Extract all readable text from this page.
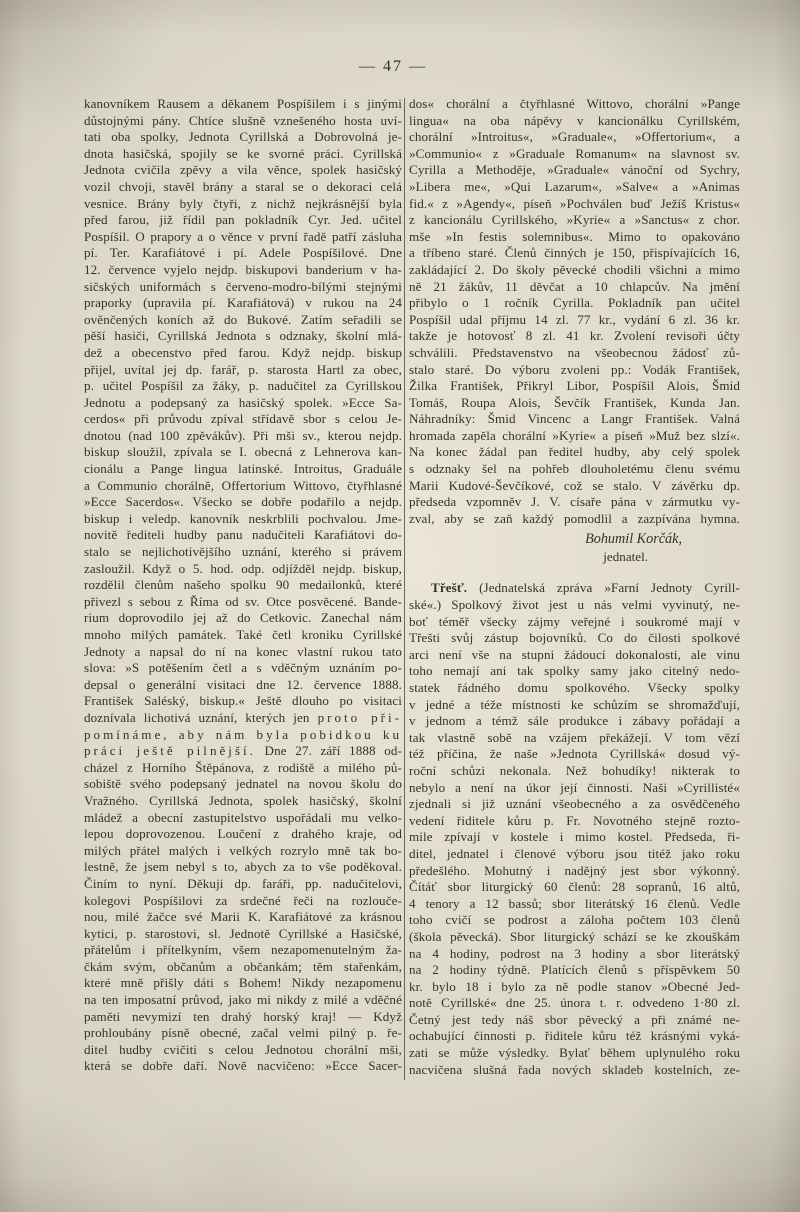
— 47 —
kanovníkem Rausem a děkanem Pospíšilem i s jinými
důstojnými pány. Chtíce slušně vznešeného hosta uví-
tati oba spolky, Jednota Cyrillská a Dobrovolná je-
dnota hasičská, spojily se ke svorné práci. Cyrillská
Jednota cvičila zpěvy a vila věnce, spolek hasičský
vozil chvoji, stavěl brány a staral se o dekoraci celá
vesnice. Brány byly čtyři, z nichž nejkrásnější byla
před farou, již řídil pan pokladník Cyr. Jed. učitel
Pospíšil. O prapory a o věnce v první řadě patří zásluha
pí. Ter. Karafiátové i pí. Adele Pospíšilové. Dne
12. července vyjelo nejdp. biskupovi banderium v ha-
sičských uniformách s červeno-modro-bílými stejnými
praporky (upravila pí. Karafiátová) v rukou na 24
ověnčených koních až do Bukové. Zatím seřadili se
pěší hasiči, Cyrillská Jednota s odznaky, školní mlá-
dež a obecenstvo před farou. Když nejdp. biskup
přijel, uvítal jej dp. farář, p. starosta Hartl za obec,
p. učitel Pospíšil za žáky, p. nadučitel za Cyrillskou
Jednotu a podepsaný za hasičský spolek. »Ecce Sa-
cerdos« při průvodu zpíval střídavě sbor s celou Je-
dnotou (nad 100 zpěvákův). Při mši sv., kterou nejdp.
biskup sloužil, zpívala se I. obecná z Lehnerova kan-
cionálu a Pange lingua latinské. Introitus, Graduále
a Communio chorálně, Offertorium Wittovo, čtyřhlasné
»Ecce Sacerdos«. Všecko se dobře podařilo a nejdp.
biskup i veledp. kanovník neskrblili pochvalou. Jme-
novitě řediteli hudby panu nadučiteli Karafiátovi do-
stalo se nejlichotivějšího uznání, kterého si právem
zasloužil. Když o 5. hod. odp. odjížděl nejdp. biskup,
rozdělil členům našeho spolku 90 medailonků, které
přivezl s sebou z Říma od sv. Otce posvěcené. Bande-
rium doprovodilo jej až do Cetkovic. Zanechal nám
mnoho milých památek. Také četl kroniku Cyrillské
Jednoty a napsal do ní na konec vlastní rukou tato
slova: »S potěšením četl a s vděčným uznáním po-
depsal o generální visitaci dne 12. července 1888.
František Saléský, biskup.« Ještě dlouho po visitaci
doznívala lichotivá uznání, kterých jen proto při-
pomínáme, aby nám byla pobidkou ku
práci ještě pilnější. Dne 27. září 1888 od-
cházel z Horního Štěpánova, z rodiště a milého pů-
sobiště svého podepsaný jednatel na novou školu do
Vražného. Cyrillská Jednota, spolek hasičský, školní
mládež a obecní zastupitelstvo uspořádali mu velko-
lepou doprovozenou. Loučení z drahého kraje, od
milých přátel malých i velkých rozrylo mně tak bo-
lestně, že jsem nebyl s to, abych za to vše poděkoval.
Činím to nyní. Děkuji dp. faráři, pp. nadučitelovi,
kolegovi Pospíšilovi za srdečné řeči na rozlouče-
nou, milé žačce své Marii K. Karafiátové za krásnou
kytici, p. starostovi, sl. Jednotě Cyrillské a Hasičské,
přátelům i přítelkyním, všem nezapomenutelným ža-
čkám svým, občanům a občankám; těm stařenkám,
které mně přišly dáti s Bohem! Nikdy nezapomenu
na ten imposatní průvod, jako mi nikdy z milé a vděčné
paměti nevymizí ten drahý horský kraj! — Když
prohloubány písně obecné, začal velmi pilný p. ře-
ditel hudby cvičiti s celou Jednotou chorální mši,
která se dobře daří. Nově nacvičeno: »Ecce Sacer-
dos« chorální a čtyřhlasné Wittovo, chorální »Pange
lingua« na oba nápěvy v kancionálku Cyrillském,
chorální »Introitus«, »Graduale«, »Offertorium«, a
»Communio« z »Graduale Romanum« na slavnost sv.
Cyrilla a Methoděje, »Graduale« vánoční od Sychry,
»Libera me«, »Qui Lazarum«, »Salve« a »Animas
fid.« z »Agendy«, píseň »Pochválen buď Ježíš Kristus«
z kancionálu Cyrillského, »Kyrie« a »Sanctus« z chor.
mše »In festis solemnibus«. Mimo to opakováno
a tříbeno staré. Členů činných je 150, přispívajících 16,
zakládající 2. Do školy pěvecké chodili všichni a mimo
ně 21 žákův, 11 děvčat a 10 chlapcův. Na jmění
přibylo o 1 ročník Cyrilla. Pokladník pan učitel
Pospíšil udal příjmu 14 zl. 77 kr., vydání 6 zl. 36 kr.
takže je hotovosť 8 zl. 41 kr. Zvolení revisoři účty
schválili. Představenstvo na všeobecnou žádosť zů-
stalo staré. Do výboru zvoleni pp.: Vodák František,
Žilka František, Přikryl Libor, Pospíšil Alois, Šmid
Tomáš, Roupa Alois, Ševčík František, Kunda Jan.
Náhradníky: Šmid Vincenc a Langr František. Valná
hromada zapěla chorální »Kyrie« a píseň »Muž bez slzí«.
Na konec žádal pan ředitel hudby, aby celý spolek
s odznaky šel na pohřeb dlouholetému členu svému
Marii Kudové-Ševčíkové, což se stalo. V závěrku dp.
předseda vzpomněv J. V. císaře pána v zármutku vy-
zval, aby se zaň každý pomodlil a zazpívána hymna.
Bohumil Korčák,
jednatel.
Třešť. (Jednatelská zpráva »Farní Jednoty Cyrill-
ské«.) Spolkový život jest u nás velmi vyvinutý, ne-
boť téměř všecky zájmy veřejné i soukromé mají v
Třešti svůj zástup bojovníků. Co do čilosti spolkové
arci není vše na stupni žádoucí dokonalosti, ale vinu
toho nemají ani tak spolky samy jako citelný nedo-
statek řádného domu spolkového. Všecky spolky
v jedné a téže místnosti ke schůzím se shromažďují,
v jednom a témž sále produkce i zábavy pořádají a
tak vlastně sobě na vzájem překážejí. V tom vězí
též příčina, že naše »Jednota Cyrillská« dosud vý-
roční schůzi nekonala. Než bohudíky! nikterak to
nebylo a není na úkor její činnosti. Naši »Cyrillisté«
zjednali si již uznání všeobecného a za osvědčeného
vedení řiditele kůru p. Fr. Novotného stejně rozto-
mile zpívají v kostele i mimo kostel. Předseda, ři-
ditel, jednatel i členové výboru jsou titéž jako roku
předešlého. Mohutný i nadějný jest sbor výkonný.
Čítáť sbor liturgický 60 členů: 28 sopranů, 16 altů,
4 tenory a 12 bassů; sbor literátský 16 členů. Vedle
toho cvičí se podrost a záloha počtem 103 členů
(škola pěvecká). Sbor liturgický schází se ke zkouškám
na 4 hodiny, podrost na 3 hodiny a sbor literátský
na 2 hodiny týdně. Platících členů s příspěvkem 50
kr. bylo 18 i bylo za ně podle stanov »Obecné Jed-
notě Cyrillské« dne 25. února t. r. odvedeno 1·80 zl.
Četný jest tedy náš sbor pěvecký a při známé ne-
ochabující činnosti p. řiditele kůru též krásnými vyká-
zati se může výsledky. Bylať během uplynulého roku
nacvičena slušná řada nových skladeb kostelních, ze-
